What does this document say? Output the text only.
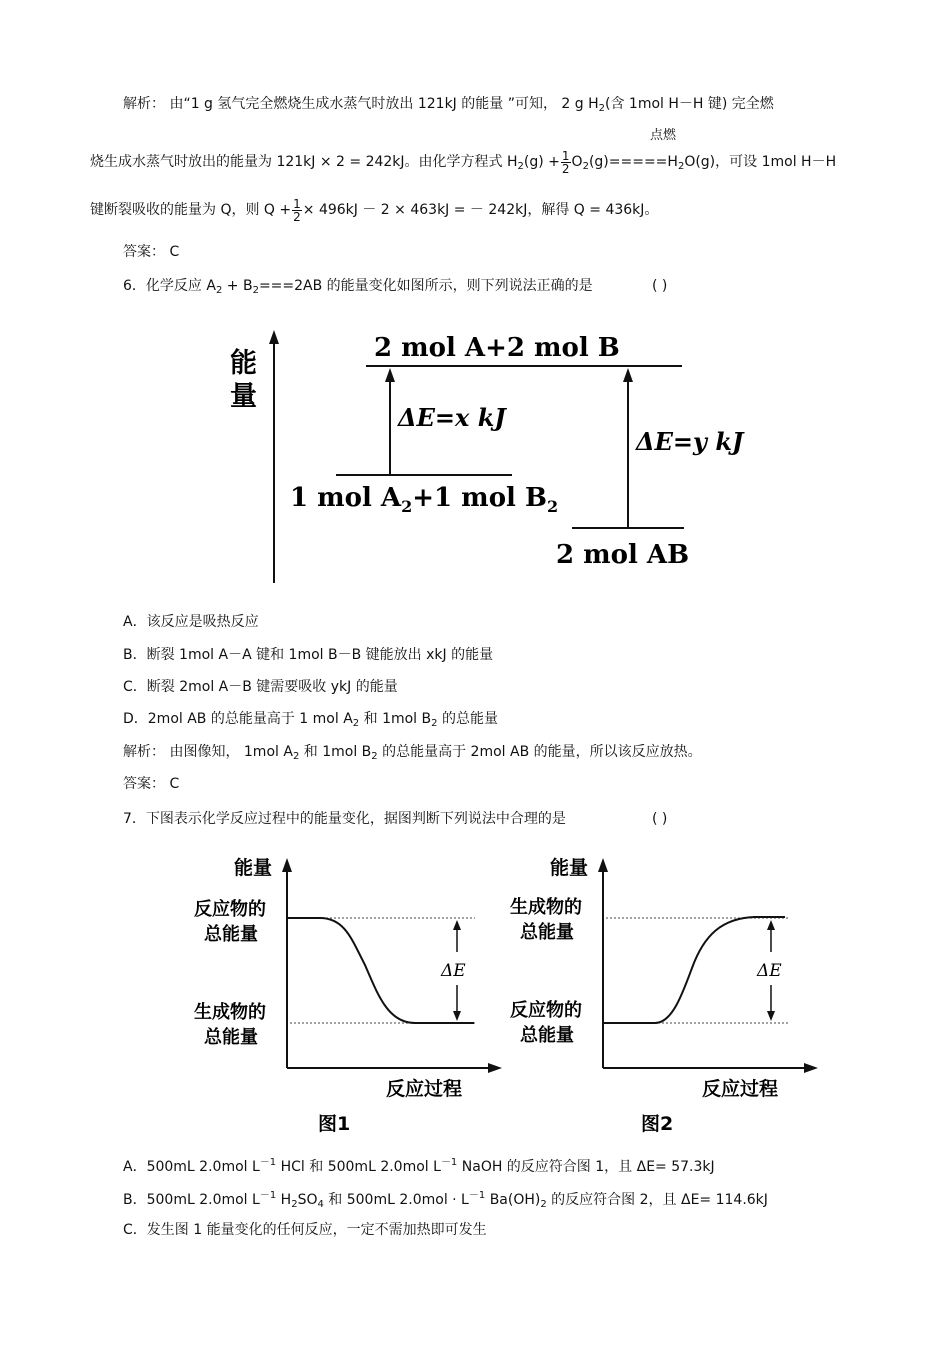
解析： 由“1 g 氢气完全燃烧生成水蒸气时放出 121kJ 的能量 ”可知， 2 g $H_2$(含 1mol H－H 键) 完全燃
点燃
烧生成水蒸气时放出的能量为 121kJ × 2 = 242kJ。由化学方程式 $H_2(g) + \frac{1}{2} O_2(g)=====H_2O(g)$，可设 1mol H－H
键断裂吸收的能量为 Q，则 $Q + \frac{1}{2} \times 496kJ - 2 \times 463kJ$ = － 242kJ，解得 Q = 436kJ。
答案： C
6．化学反应 $A_2 + B_2===2AB$ 的能量变化如图所示，则下列说法正确的是	( )
能
量
2 mol A+2 mol B
ΔE=x kJ
1 mol $A_2+1$ mol $B_2$
ΔE=y kJ
2 mol AB
A．该反应是吸热反应
B．断裂 1mol A－A 键和 1mol B－B 键能放出 xkJ 的能量
C．断裂 2mol A－B 键需要吸收 ykJ 的能量
D．2mol AB 的总能量高于 1 mol $A_2$ 和 1mol $B_2$ 的总能量
解析： 由图像知， 1mol $A_2$ 和 1mol $B_2$ 的总能量高于 2mol AB 的能量，所以该反应放热。
答案： C
7．下图表示化学反应过程中的能量变化，据图判断下列说法中合理的是	( )
能量
反应物的
总能量
生成物的
总能量
ΔE
反应过程
图1
能量
生成物的
总能量
反应物的
总能量
ΔE
反应过程
图2
A．500mL 2.0mol $L^{-1}$ HCl 和 500mL 2.0mol $L^{-1}$ NaOH 的反应符合图 1，且 ΔE= 57.3kJ
B．500mL 2.0mol $L^{-1}$ $H_2SO_4$ 和 500mL $2.0mol \cdot L^{-1}$ $Ba(OH)_2$ 的反应符合图 2，且 ΔE= 114.6kJ
C．发生图 1 能量变化的任何反应，一定不需加热即可发生
